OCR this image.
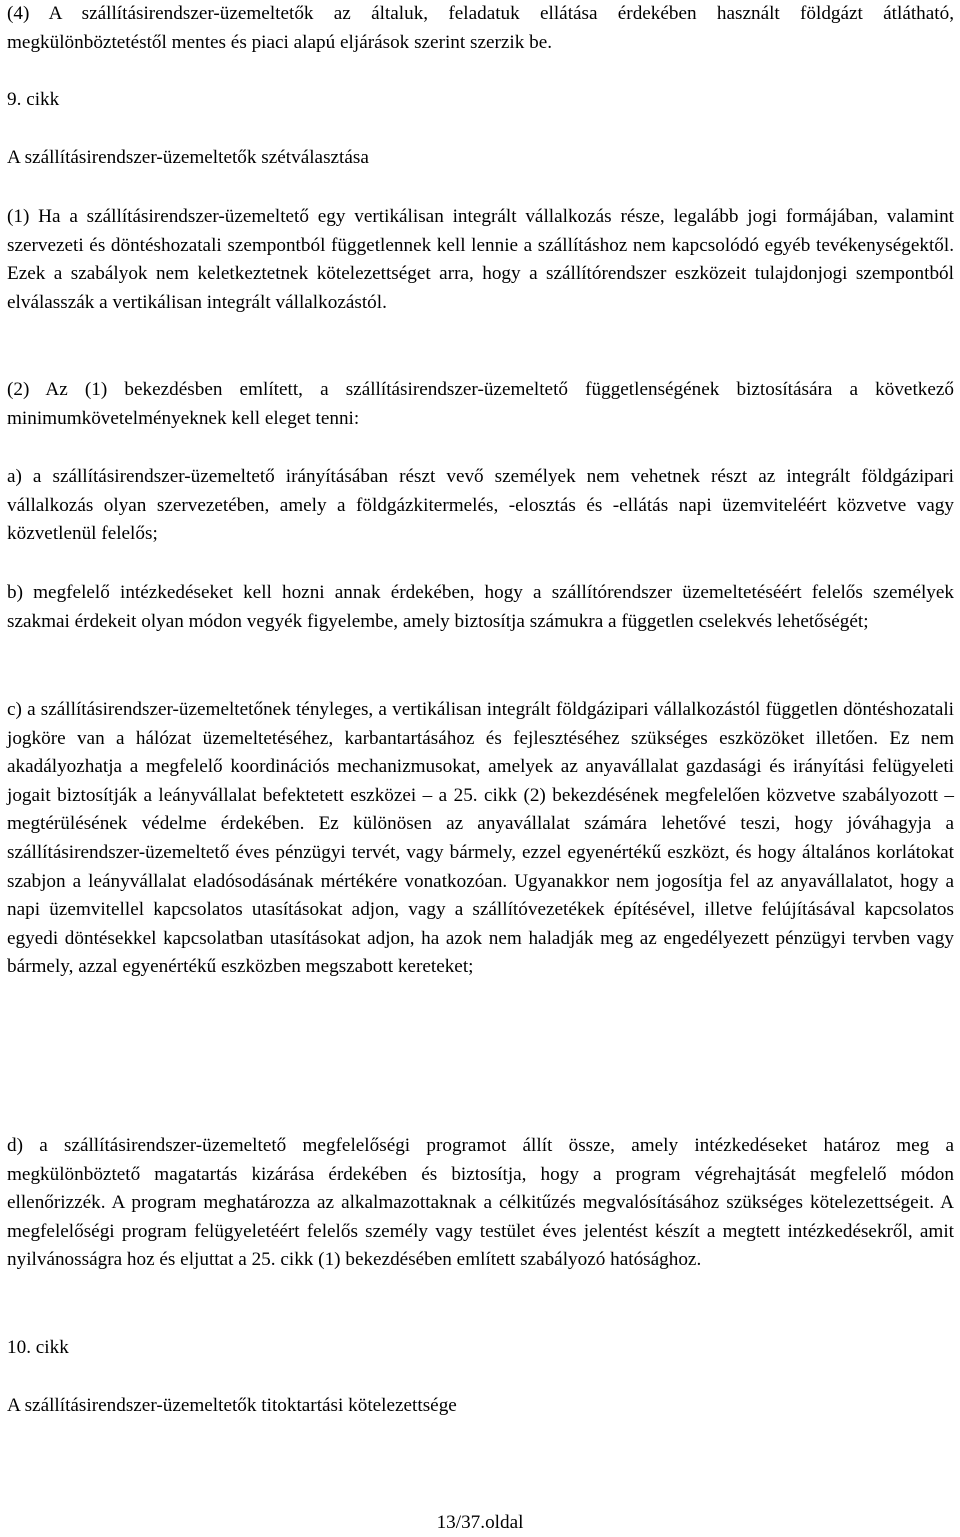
(4) A szállításirendszer-üzemeltetők az általuk, feladatuk ellátása érdekében használt földgázt átlátható, megkülönböztetéstől mentes és piaci alapú eljárások szerint szerzik be.

9. cikk

A szállításirendszer-üzemeltetők szétválasztása

(1) Ha a szállításirendszer-üzemeltető egy vertikálisan integrált vállalkozás része, legalább jogi formájában, valamint szervezeti és döntéshozatali szempontból függetlennek kell lennie a szállításhoz nem kapcsolódó egyéb tevékenységektől. Ezek a szabályok nem keletkeztetnek kötelezettséget arra, hogy a szállítórendszer eszközeit tulajdonjogi szempontból elválasszák a vertikálisan integrált vállalkozástól.

(2) Az (1) bekezdésben említett, a szállításirendszer-üzemeltető függetlenségének biztosítására a következő minimumkövetelményeknek kell eleget tenni:

a) a szállításirendszer-üzemeltető irányításában részt vevő személyek nem vehetnek részt az integrált földgázipari vállalkozás olyan szervezetében, amely a földgázkitermelés, -elosztás és -ellátás napi üzemviteléért közvetve vagy közvetlenül felelős;

b) megfelelő intézkedéseket kell hozni annak érdekében, hogy a szállítórendszer üzemeltetéséért felelős személyek szakmai érdekeit olyan módon vegyék figyelembe, amely biztosítja számukra a független cselekvés lehetőségét;

c) a szállításirendszer-üzemeltetőnek tényleges, a vertikálisan integrált földgázipari vállalkozástól független döntéshozatali jogköre van a hálózat üzemeltetéséhez, karbantartásához és fejlesztéséhez szükséges eszközöket illetően. Ez nem akadályozhatja a megfelelő koordinációs mechanizmusokat, amelyek az anyavállalat gazdasági és irányítási felügyeleti jogait biztosítják a leányvállalat befektetett eszközei – a 25. cikk (2) bekezdésének megfelelően közvetve szabályozott – megtérülésének védelme érdekében. Ez különösen az anyavállalat számára lehetővé teszi, hogy jóváhagyja a szállításirendszer-üzemeltető éves pénzügyi tervét, vagy bármely, ezzel egyenértékű eszközt, és hogy általános korlátokat szabjon a leányvállalat eladósodásának mértékére vonatkozóan. Ugyanakkor nem jogosítja fel az anyavállalatot, hogy a napi üzemvitellel kapcsolatos utasításokat adjon, vagy a szállítóvezetékek építésével, illetve felújításával kapcsolatos egyedi döntésekkel kapcsolatban utasításokat adjon, ha azok nem haladják meg az engedélyezett pénzügyi tervben vagy bármely, azzal egyenértékű eszközben megszabott kereteket;

d) a szállításirendszer-üzemeltető megfelelőségi programot állít össze, amely intézkedéseket határoz meg a megkülönböztető magatartás kizárása érdekében és biztosítja, hogy a program végrehajtását megfelelő módon ellenőrizzék. A program meghatározza az alkalmazottaknak a célkitűzés megvalósításához szükséges kötelezettségeit. A megfelelőségi program felügyeletéért felelős személy vagy testület éves jelentést készít a megtett intézkedésekről, amit nyilvánosságra hoz és eljuttat a 25. cikk (1) bekezdésében említett szabályozó hatósághoz.

10. cikk

A szállításirendszer-üzemeltetők titoktartási kötelezettsége

13/37.oldal
